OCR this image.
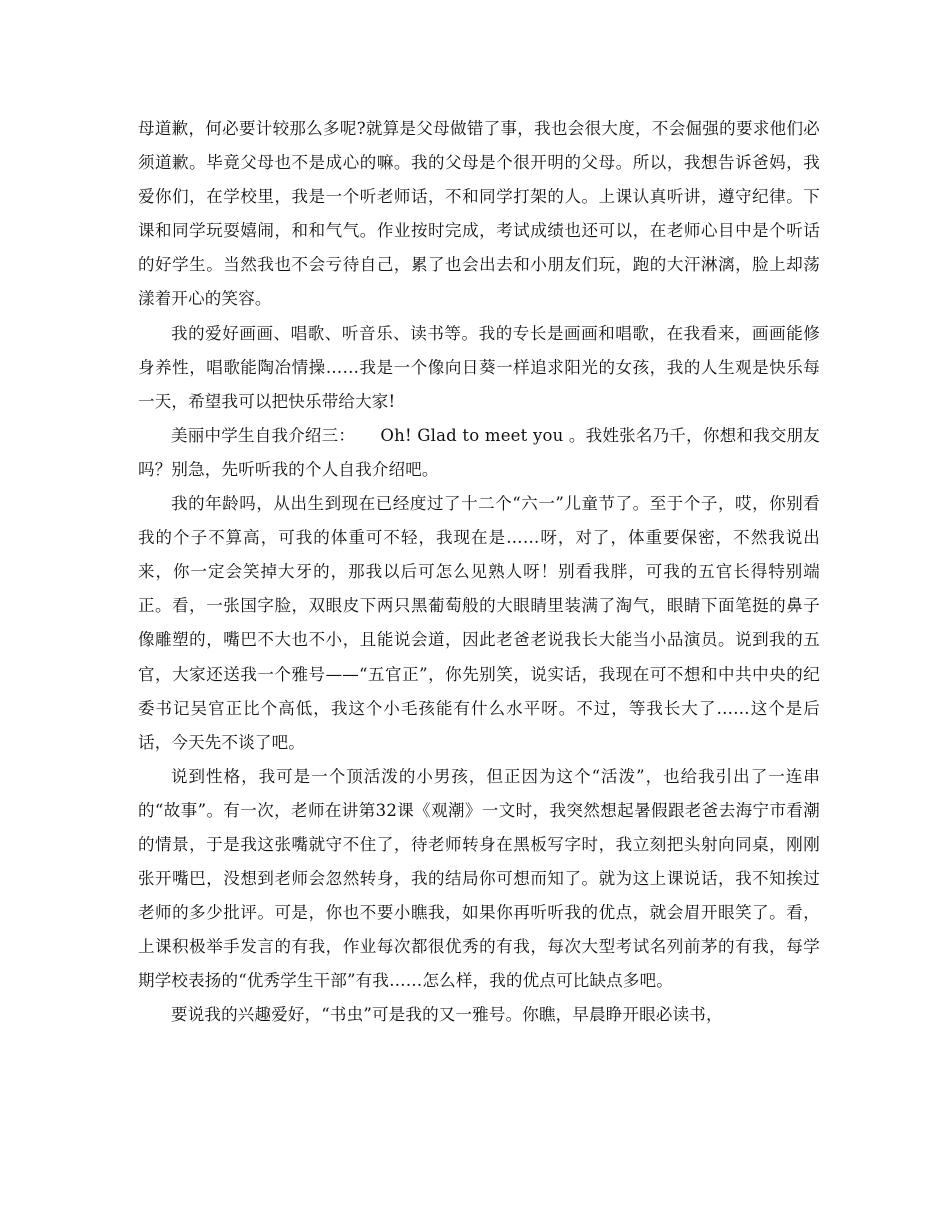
母道歉，何必要计较那么多呢?就算是父母做错了事，我也会很大度，不会倔强的要求他们必须道歉。毕竟父母也不是成心的嘛。我的父母是个很开明的父母。所以，我想告诉爸妈，我爱你们，在学校里，我是一个听老师话，不和同学打架的人。上课认真听讲，遵守纪律。下课和同学玩耍嬉闹，和和气气。作业按时完成，考试成绩也还可以，在老师心目中是个听话的好学生。当然我也不会亏待自己，累了也会出去和小朋友们玩，跑的大汗淋漓，脸上却荡漾着开心的笑容。

我的爱好画画、唱歌、听音乐、读书等。我的专长是画画和唱歌，在我看来，画画能修身养性，唱歌能陶冶情操……我是一个像向日葵一样追求阳光的女孩，我的人生观是快乐每一天，希望我可以把快乐带给大家!

美丽中学生自我介绍三：　　Oh! Glad to meet you 。我姓张名乃千，你想和我交朋友吗？别急，先听听我的个人自我介绍吧。

我的年龄吗，从出生到现在已经度过了十二个“六一”儿童节了。至于个子，哎，你别看我的个子不算高，可我的体重可不轻，我现在是……呀，对了，体重要保密，不然我说出来，你一定会笑掉大牙的，那我以后可怎么见熟人呀！别看我胖，可我的五官长得特别端正。看，一张国字脸，双眼皮下两只黑葡萄般的大眼睛里装满了淘气，眼睛下面笔挺的鼻子像雕塑的，嘴巴不大也不小，且能说会道，因此老爸老说我长大能当小品演员。说到我的五官，大家还送我一个雅号——“五官正”，你先别笑，说实话，我现在可不想和中共中央的纪委书记吴官正比个高低，我这个小毛孩能有什么水平呀。不过，等我长大了……这个是后话，今天先不谈了吧。

说到性格，我可是一个顶活泼的小男孩，但正因为这个“活泼”，也给我引出了一连串的“故事”。有一次，老师在讲第32课《观潮》一文时，我突然想起暑假跟老爸去海宁市看潮的情景，于是我这张嘴就守不住了，待老师转身在黑板写字时，我立刻把头射向同桌，刚刚张开嘴巴，没想到老师会忽然转身，我的结局你可想而知了。就为这上课说话，我不知挨过老师的多少批评。可是，你也不要小瞧我，如果你再听听我的优点，就会眉开眼笑了。看，上课积极举手发言的有我，作业每次都很优秀的有我，每次大型考试名列前茅的有我，每学期学校表扬的“优秀学生干部”有我……怎么样，我的优点可比缺点多吧。

要说我的兴趣爱好，“书虫”可是我的又一雅号。你瞧，早晨睁开眼必读书，
